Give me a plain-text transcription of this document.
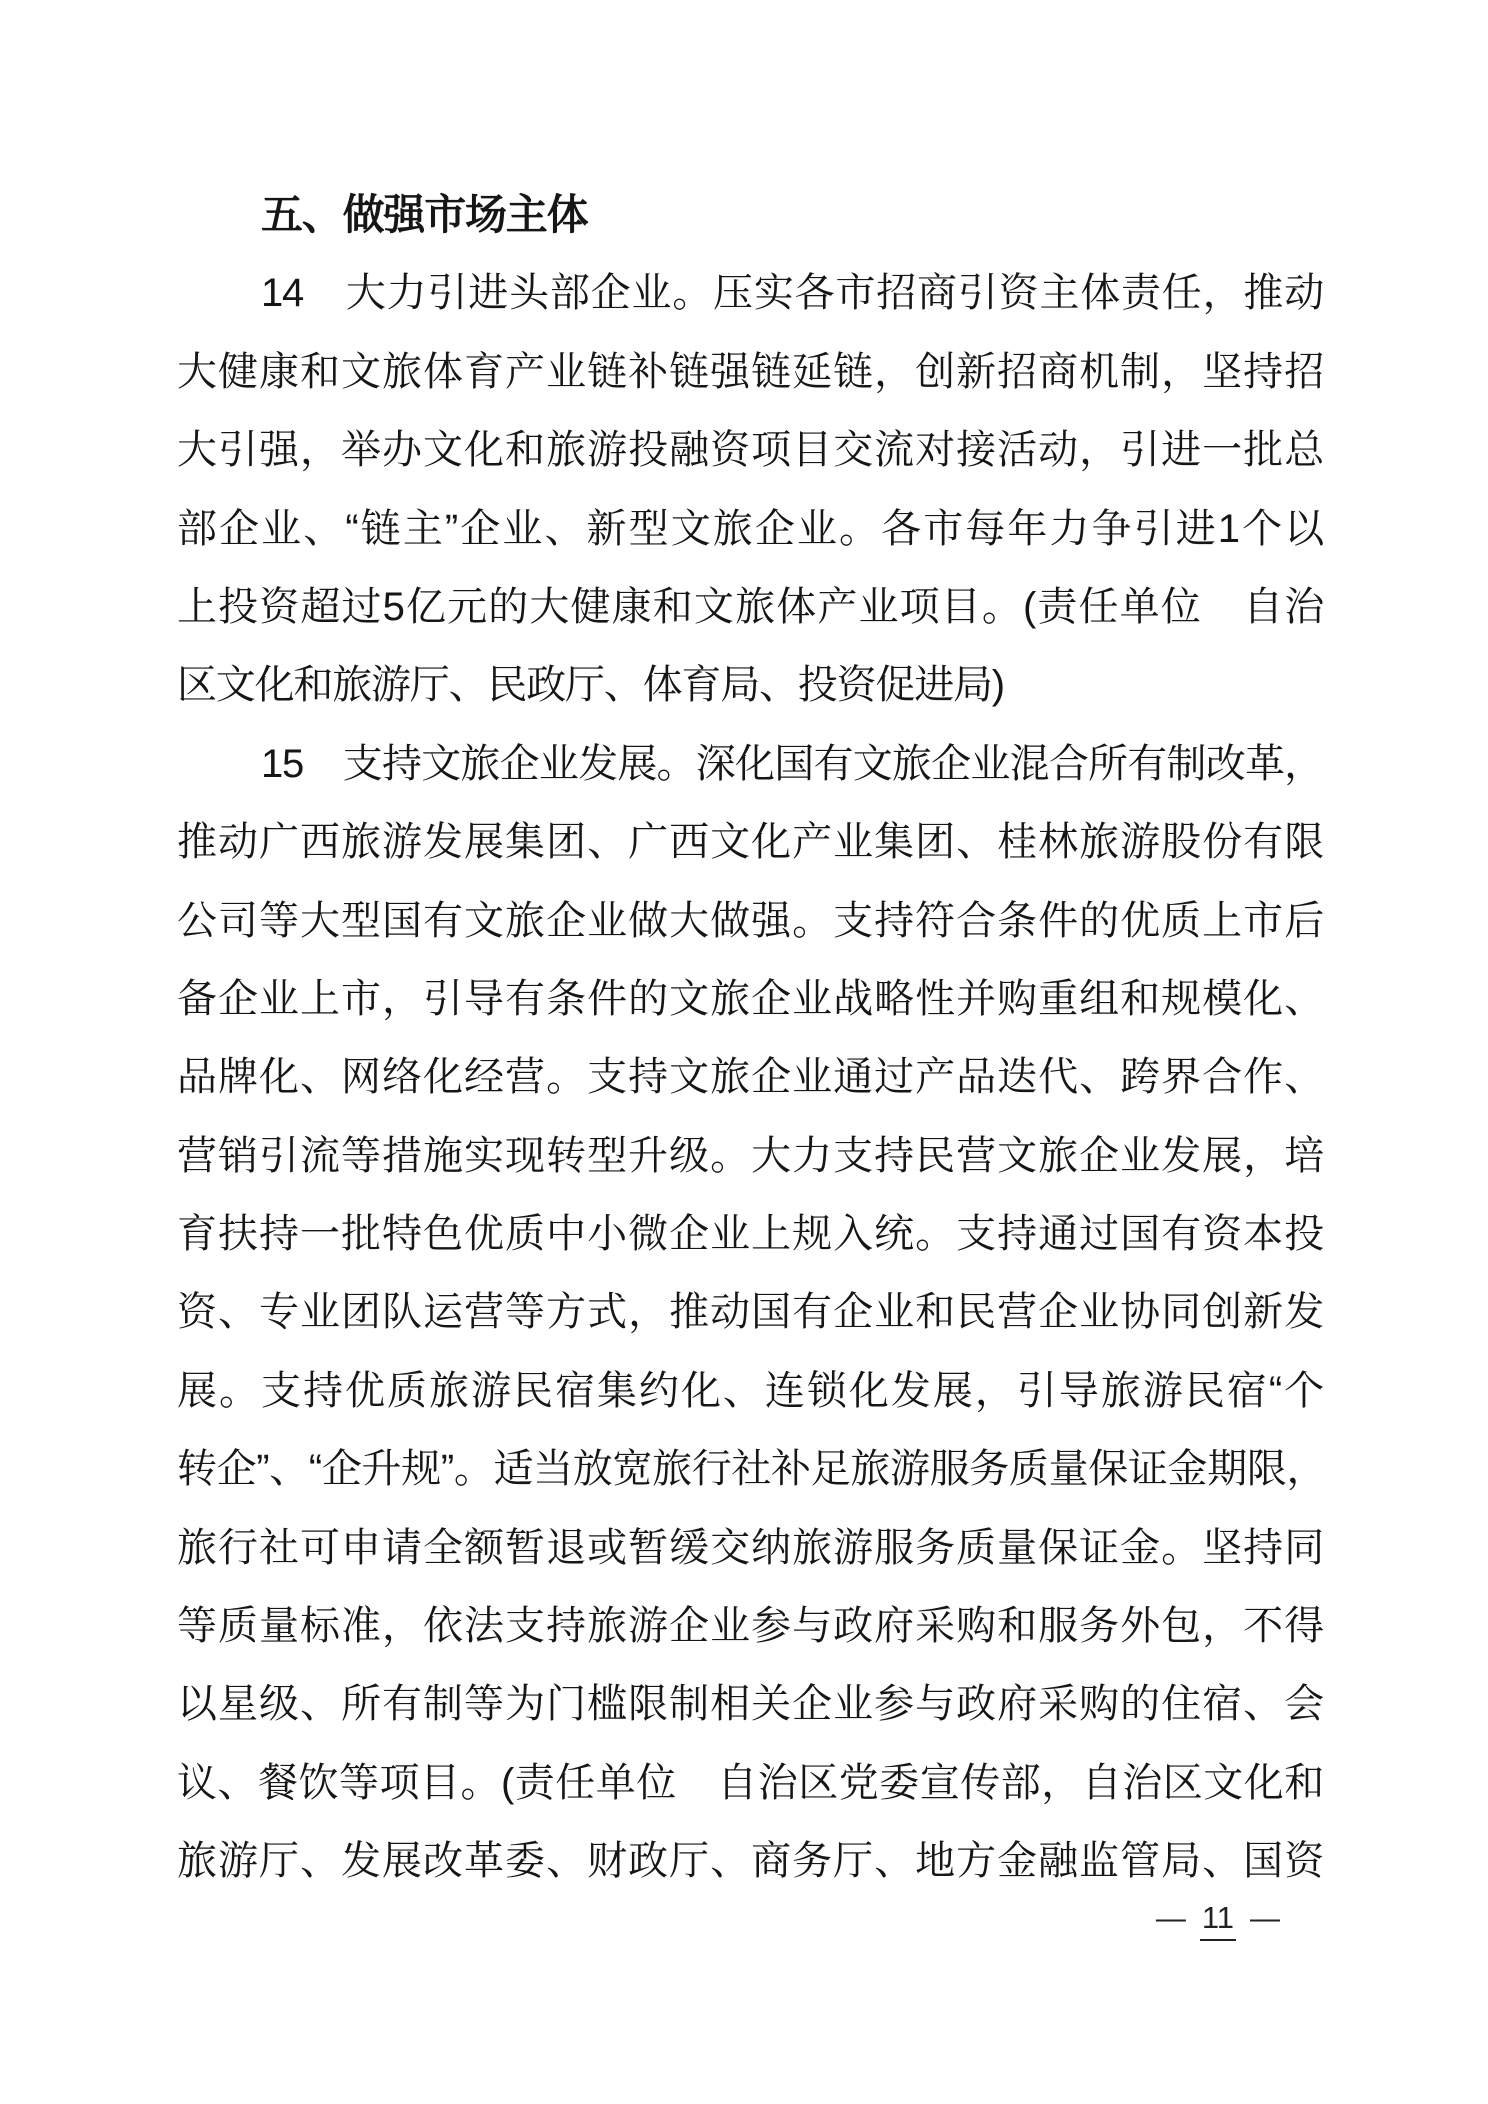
五、做强市场主体
14　大力引进头部企业。压实各市招商引资主体责任，推动
大健康和文旅体育产业链补链强链延链，创新招商机制，坚持招
大引强，举办文化和旅游投融资项目交流对接活动，引进一批总
部企业、“链主”企业、新型文旅企业。各市每年力争引进1个以
上投资超过5亿元的大健康和文旅体产业项目。(责任单位　自治
区文化和旅游厅、民政厅、体育局、投资促进局)
15　支持文旅企业发展。深化国有文旅企业混合所有制改革，
推动广西旅游发展集团、广西文化产业集团、桂林旅游股份有限
公司等大型国有文旅企业做大做强。支持符合条件的优质上市后
备企业上市，引导有条件的文旅企业战略性并购重组和规模化、
品牌化、网络化经营。支持文旅企业通过产品迭代、跨界合作、
营销引流等措施实现转型升级。大力支持民营文旅企业发展，培
育扶持一批特色优质中小微企业上规入统。支持通过国有资本投
资、专业团队运营等方式，推动国有企业和民营企业协同创新发
展。支持优质旅游民宿集约化、连锁化发展，引导旅游民宿“个
转企”、“企升规”。适当放宽旅行社补足旅游服务质量保证金期限，
旅行社可申请全额暂退或暂缓交纳旅游服务质量保证金。坚持同
等质量标准，依法支持旅游企业参与政府采购和服务外包，不得
以星级、所有制等为门槛限制相关企业参与政府采购的住宿、会
议、餐饮等项目。(责任单位　自治区党委宣传部，自治区文化和
旅游厅、发展改革委、财政厅、商务厅、地方金融监管局、国资
— 11 —
